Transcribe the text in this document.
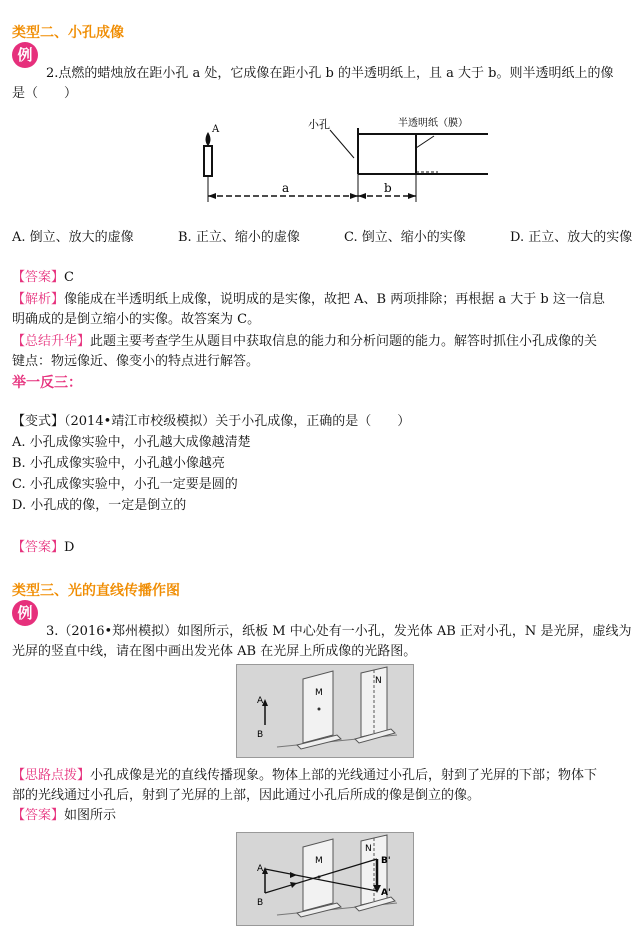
类型二、小孔成像
例
2.点燃的蜡烛放在距小孔 a 处，它成像在距小孔 b 的半透明纸上，且 a 大于 b。则半透明纸上的像
是（　　）
A	小孔	半透明纸（膜）
a	b
A. 倒立、放大的虚像	B. 正立、缩小的虚像	C. 倒立、缩小的实像	D. 正立、放大的实像
【答案】C
【解析】像能成在半透明纸上成像，说明成的是实像，故把 A、B 两项排除；再根据 a 大于 b 这一信息
明确成的是倒立缩小的实像。故答案为 C。
【总结升华】此题主要考查学生从题目中获取信息的能力和分析问题的能力。解答时抓住小孔成像的关
键点：物远像近、像变小的特点进行解答。
举一反三：
【变式】（2014•靖江市校级模拟）关于小孔成像，正确的是（　　）
A. 小孔成像实验中，小孔越大成像越清楚
B. 小孔成像实验中，小孔越小像越亮
C. 小孔成像实验中，小孔一定要是圆的
D. 小孔成的像，一定是倒立的
【答案】D
类型三、光的直线传播作图
例
3.（2016•郑州模拟）如图所示，纸板 M 中心处有一小孔，发光体 AB 正对小孔，N 是光屏，虚线为
光屏的竖直中线，请在图中画出发光体 AB 在光屏上所成像的光路图。
M
N
A
B
【思路点拨】小孔成像是光的直线传播现象。物体上部的光线通过小孔后，射到了光屏的下部；物体下
部的光线通过小孔后，射到了光屏的上部，因此通过小孔后所成的像是倒立的像。
【答案】如图所示
M
N
A
B
B'
A'
